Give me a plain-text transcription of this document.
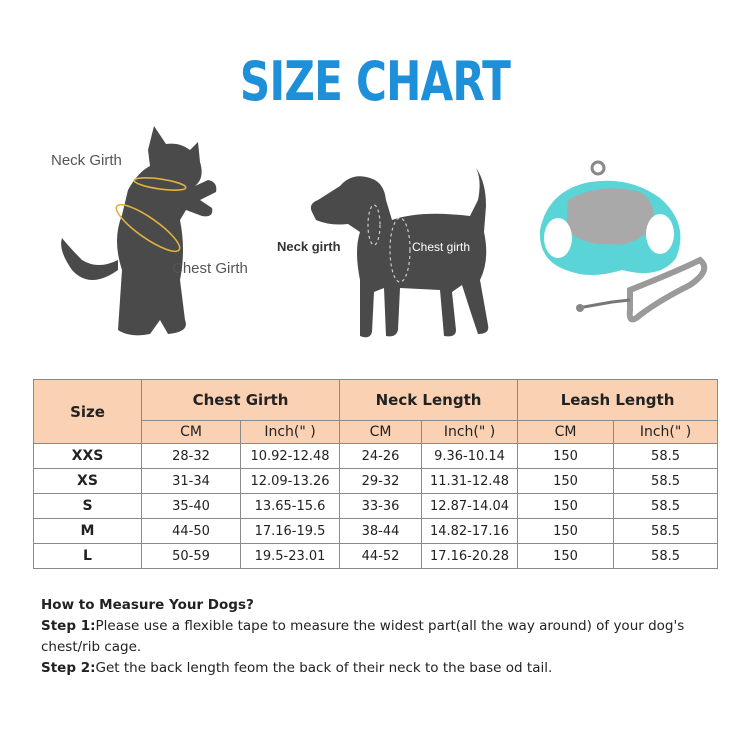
SIZE CHART
Neck Girth
Chest Girth
Neck girth	Chest girth
Size	Chest Girth		Neck Length		Leash Length	
	CM	Inch(" )	CM	Inch(" )	CM	Inch(" )
XXS	28-32	10.92-12.48	24-26	9.36-10.14	150	58.5
XS	31-34	12.09-13.26	29-32	11.31-12.48	150	58.5
S	35-40	13.65-15.6	33-36	12.87-14.04	150	58.5
M	44-50	17.16-19.5	38-44	14.82-17.16	150	58.5
L	50-59	19.5-23.01	44-52	17.16-20.28	150	58.5
How to Measure Your Dogs?
Step 1:Please use a flexible tape to measure the widest part(all the way around) of your dog's chest/rib cage.
Step 2:Get the back length feom the back of their neck to the base od tail.
